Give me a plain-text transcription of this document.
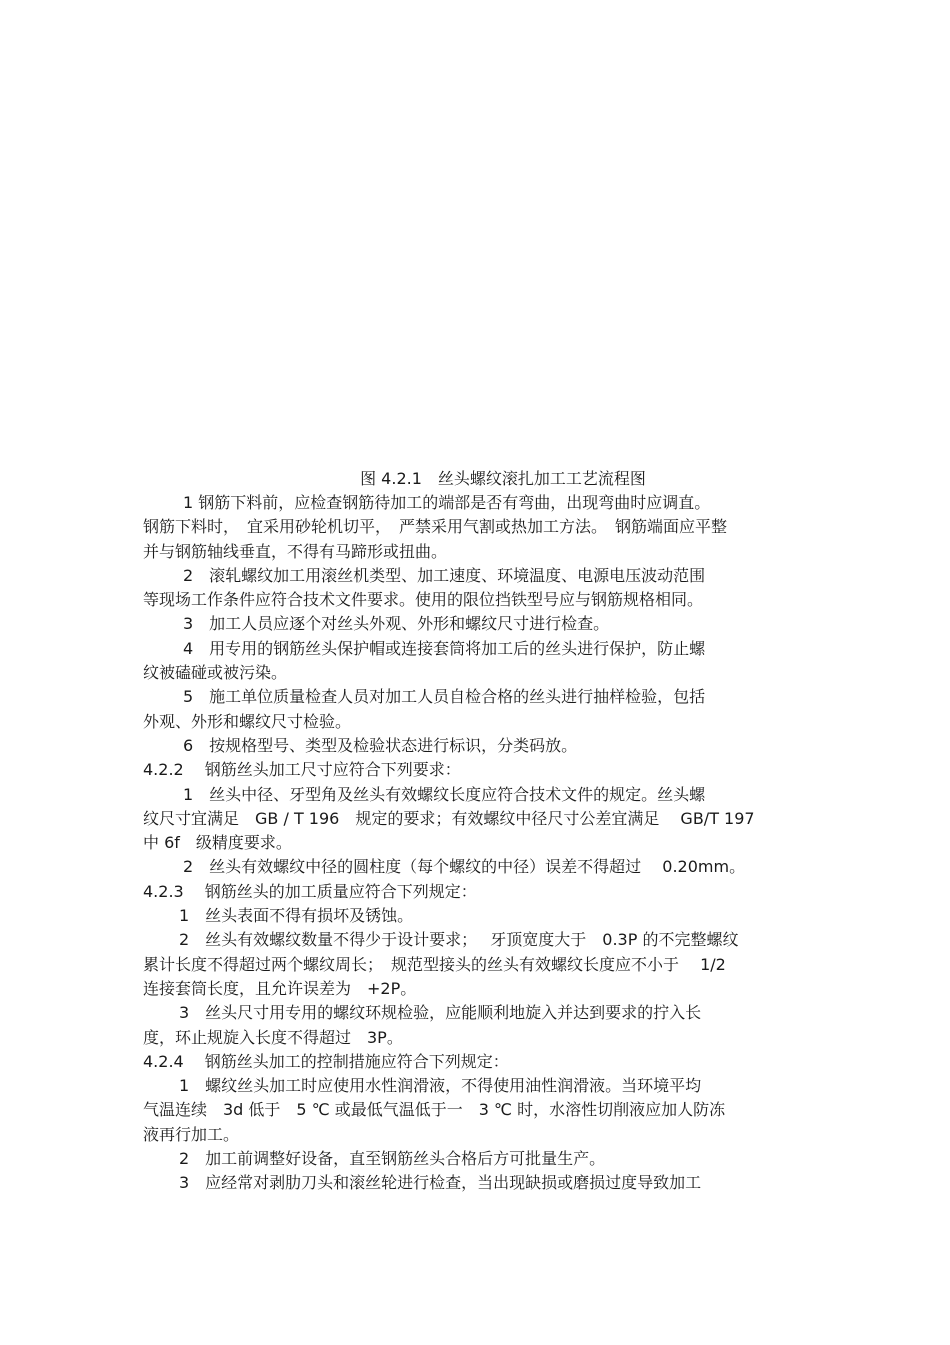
图 4.2.1　丝头螺纹滚扎加工工艺流程图
1 钢筋下料前，应检查钢筋待加工的端部是否有弯曲，出现弯曲时应调直。
钢筋下料时，　宜采用砂轮机切平，　严禁采用气割或热加工方法。　钢筋端面应平整
并与钢筋轴线垂直，不得有马蹄形或扭曲。
2　滚轧螺纹加工用滚丝机类型、加工速度、环境温度、电源电压波动范围
等现场工作条件应符合技术文件要求。使用的限位挡铁型号应与钢筋规格相同。
3　加工人员应逐个对丝头外观、外形和螺纹尺寸进行检查。
4　用专用的钢筋丝头保护帽或连接套筒将加工后的丝头进行保护，防止螺
纹被磕碰或被污染。
5　施工单位质量检查人员对加工人员自检合格的丝头进行抽样检验，包括
外观、外形和螺纹尺寸检验。
6　按规格型号、类型及检验状态进行标识，分类码放。
4.2.2　 钢筋丝头加工尺寸应符合下列要求：
1　丝头中径、牙型角及丝头有效螺纹长度应符合技术文件的规定。丝头螺
纹尺寸宜满足　GB / T 196　规定的要求；有效螺纹中径尺寸公差宜满足　 GB/T 197
中 6f　级精度要求。
2　丝头有效螺纹中径的圆柱度（每个螺纹的中径）误差不得超过　 0.20mm。
4.2.3　 钢筋丝头的加工质量应符合下列规定：
1　丝头表面不得有损坏及锈蚀。
2　丝头有效螺纹数量不得少于设计要求；　 牙顶宽度大于　0.3P 的不完整螺纹
累计长度不得超过两个螺纹周长；　规范型接头的丝头有效螺纹长度应不小于　 1/2
连接套筒长度，且允许误差为　+2P。
3　丝头尺寸用专用的螺纹环规检验，应能顺利地旋入并达到要求的拧入长
度，环止规旋入长度不得超过　3P。
4.2.4　 钢筋丝头加工的控制措施应符合下列规定：
1　螺纹丝头加工时应使用水性润滑液，不得使用油性润滑液。当环境平均
气温连续　3d 低于　5 ℃ 或最低气温低于一　3 ℃ 时，水溶性切削液应加人防冻
液再行加工。
2　加工前调整好设备，直至钢筋丝头合格后方可批量生产。
3　应经常对剥肋刀头和滚丝轮进行检查，当出现缺损或磨损过度导致加工
